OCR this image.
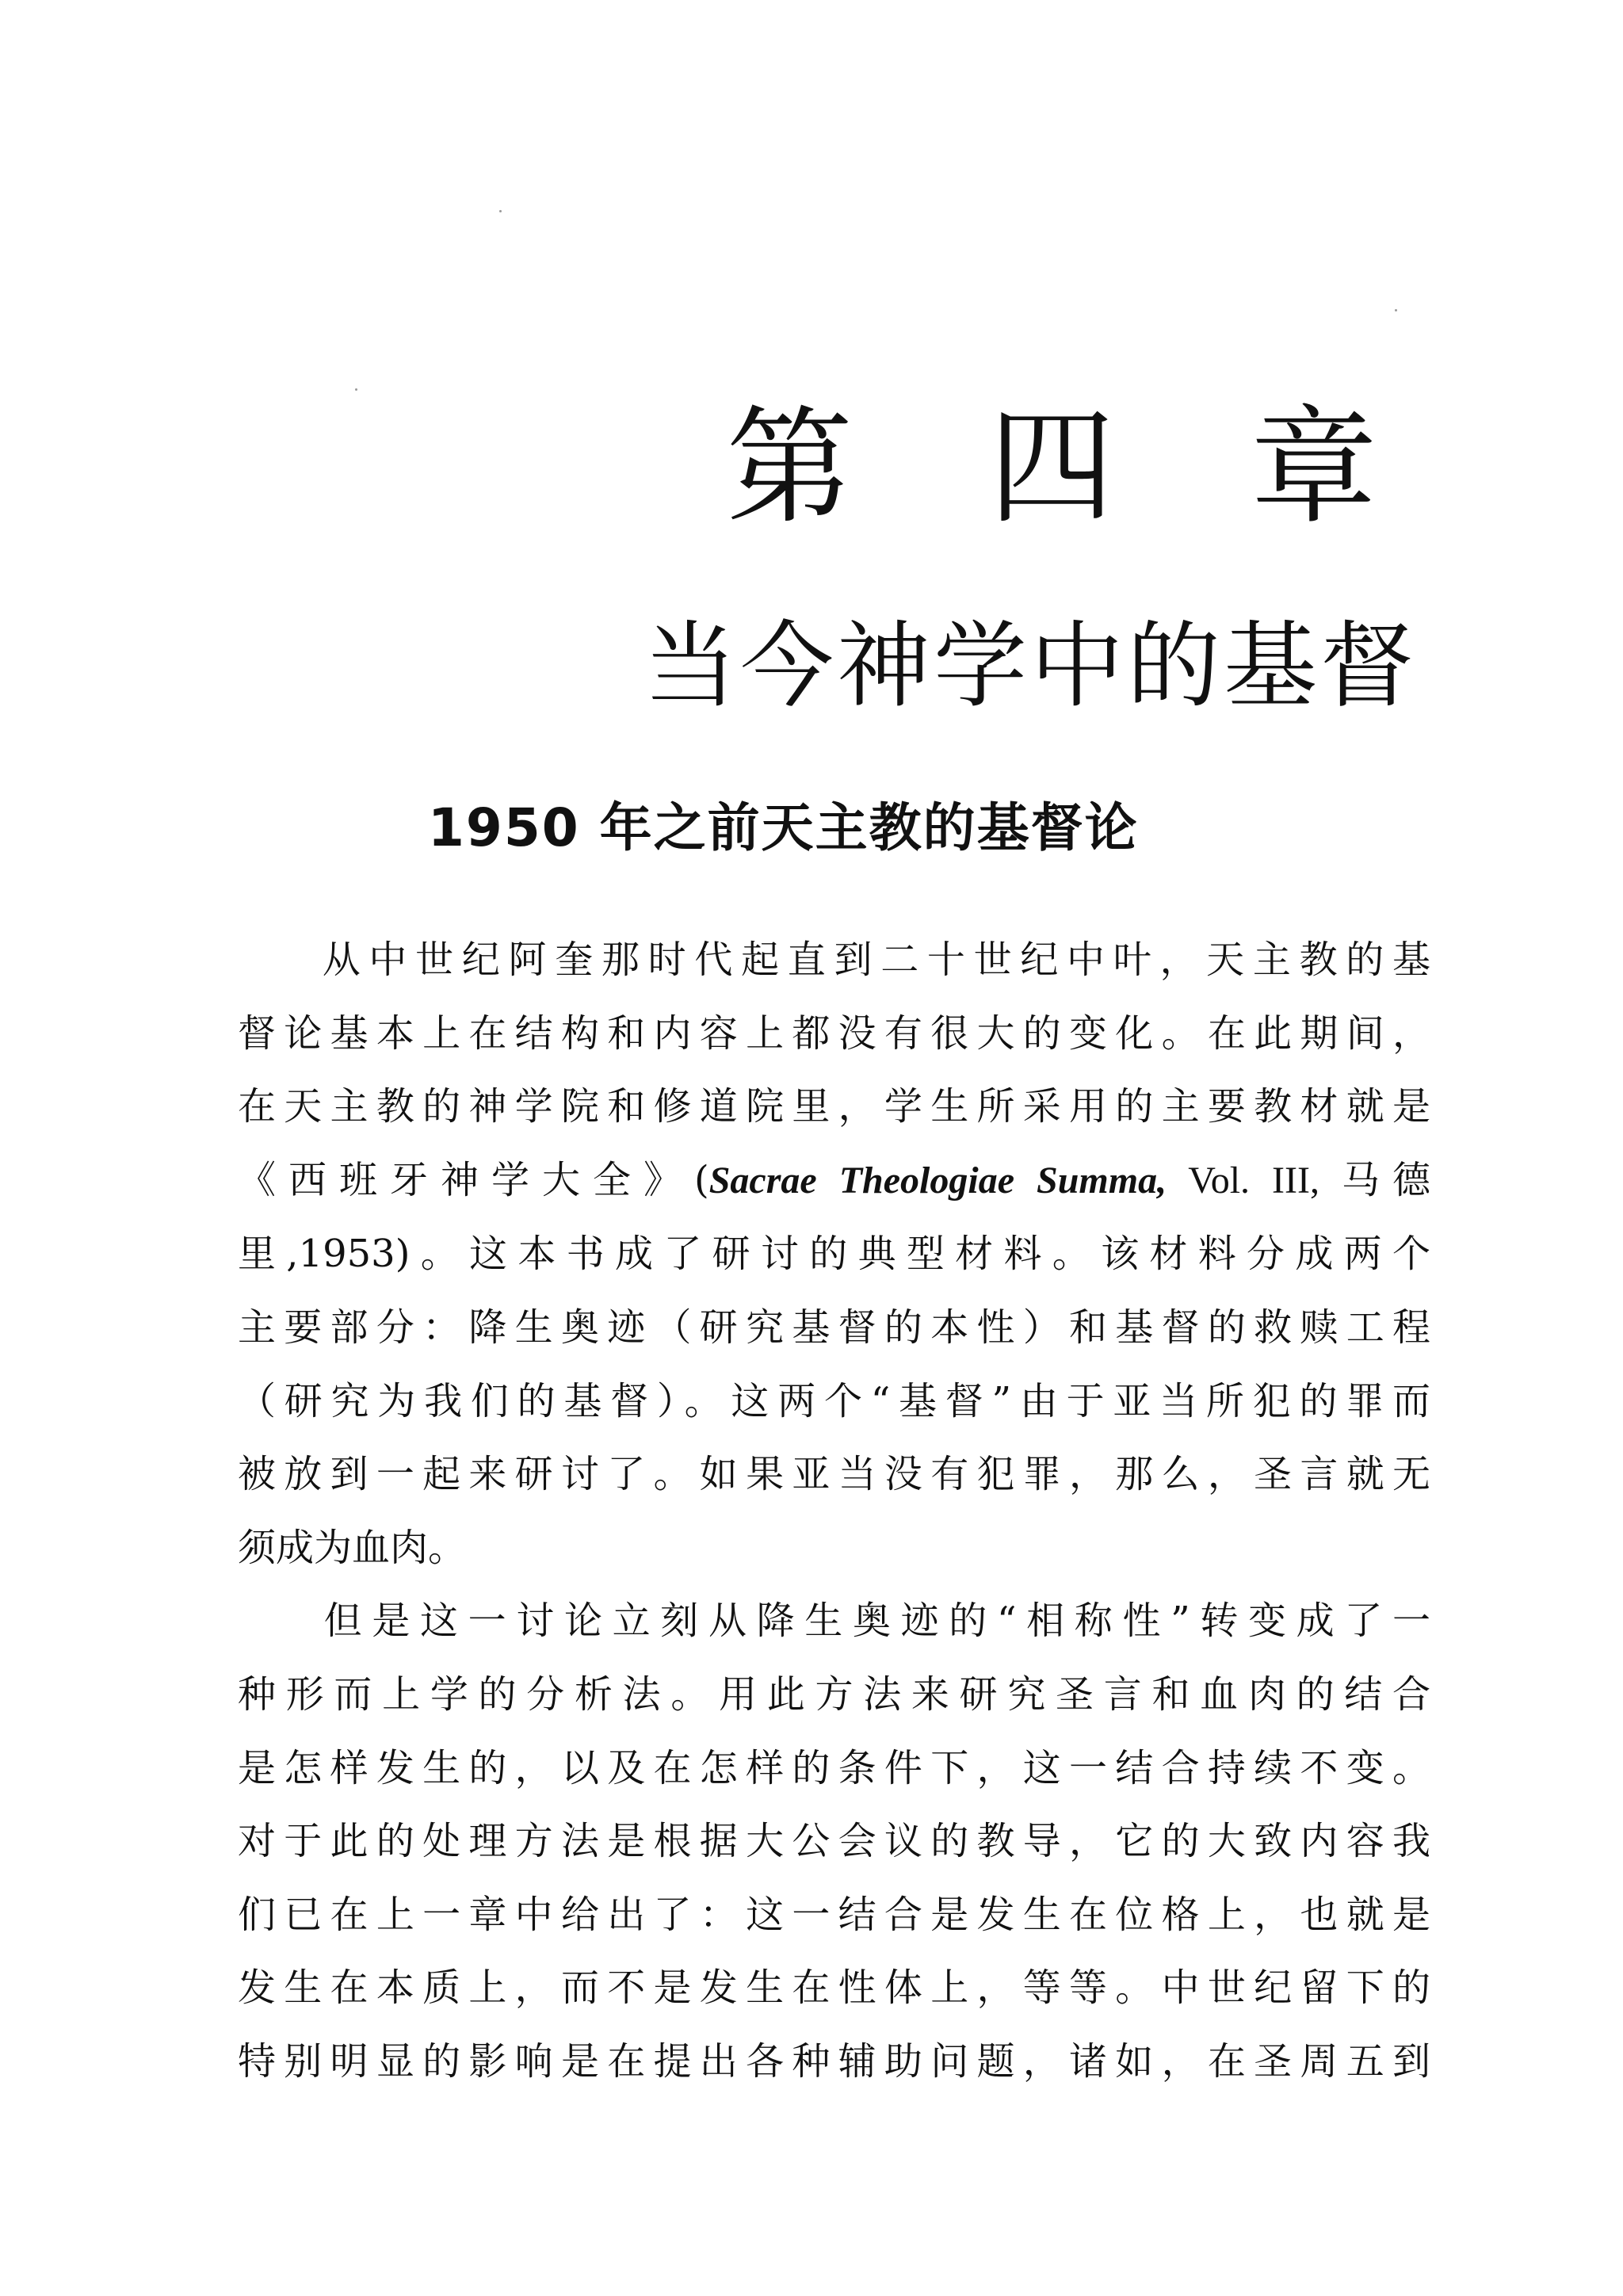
第 四 章
当今神学中的基督
1950 年之前天主教的基督论

从中世纪阿奎那时代起直到二十世纪中叶，天主教的基
督论基本上在结构和内容上都没有很大的变化。在此期间，
在天主教的神学院和修道院里，学生所采用的主要教材就是
《西班牙神学大全》(Sacrae Theologiae Summa, Vol. III, 马德
里,1953)。这本书成了研讨的典型材料。该材料分成两个
主要部分：降生奥迹（研究基督的本性）和基督的救赎工程
（研究为我们的基督）。这两个“基督”由于亚当所犯的罪而
被放到一起来研讨了。如果亚当没有犯罪，那么，圣言就无
须成为血肉。

但是这一讨论立刻从降生奥迹的“相称性”转变成了一
种形而上学的分析法。用此方法来研究圣言和血肉的结合
是怎样发生的，以及在怎样的条件下，这一结合持续不变。
对于此的处理方法是根据大公会议的教导，它的大致内容我
们已在上一章中给出了：这一结合是发生在位格上，也就是
发生在本质上，而不是发生在性体上，等等。中世纪留下的
特别明显的影响是在提出各种辅助问题，诸如，在圣周五到
